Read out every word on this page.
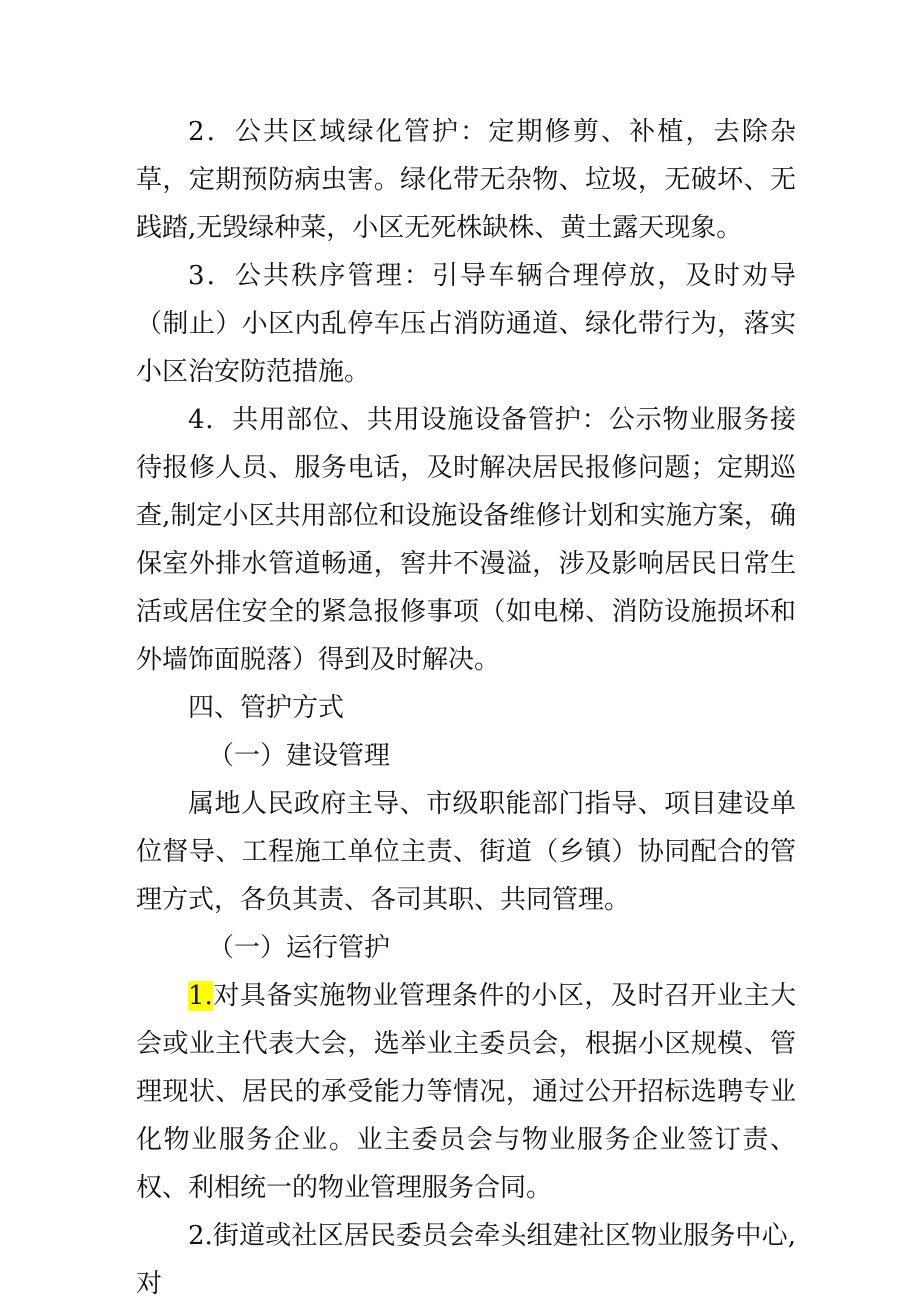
2．公共区域绿化管护：定期修剪、补植，去除杂草，定期预防病虫害。绿化带无杂物、垃圾，无破坏、无践踏,无毁绿种菜，小区无死株缺株、黄土露天现象。

3．公共秩序管理：引导车辆合理停放，及时劝导（制止）小区内乱停车压占消防通道、绿化带行为，落实小区治安防范措施。

4．共用部位、共用设施设备管护：公示物业服务接待报修人员、服务电话，及时解决居民报修问题；定期巡查,制定小区共用部位和设施设备维修计划和实施方案，确保室外排水管道畅通，窖井不漫溢，涉及影响居民日常生活或居住安全的紧急报修事项（如电梯、消防设施损坏和外墙饰面脱落）得到及时解决。

四、管护方式

（一）建设管理

属地人民政府主导、市级职能部门指导、项目建设单位督导、工程施工单位主责、街道（乡镇）协同配合的管理方式，各负其责、各司其职、共同管理。

（一）运行管护

1.对具备实施物业管理条件的小区，及时召开业主大会或业主代表大会，选举业主委员会，根据小区规模、管理现状、居民的承受能力等情况，通过公开招标选聘专业化物业服务企业。业主委员会与物业服务企业签订责、权、利相统一的物业管理服务合同。

2.街道或社区居民委员会牵头组建社区物业服务中心,对
